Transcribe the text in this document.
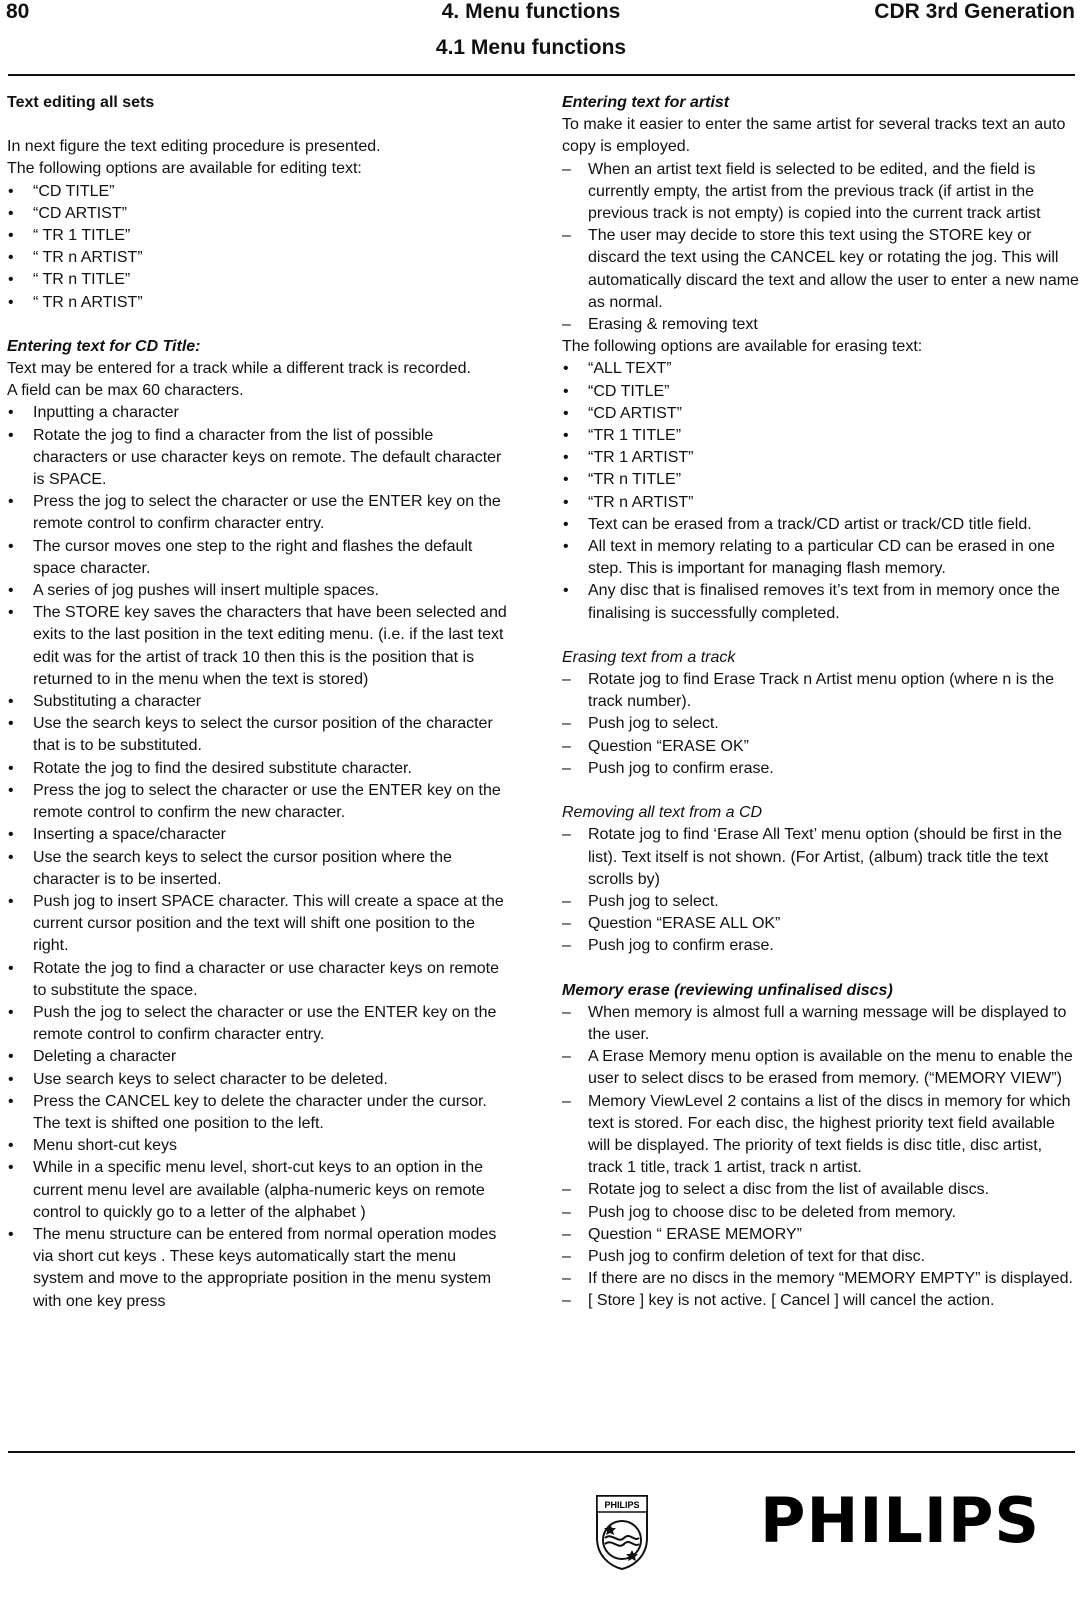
80	4. Menu functions	CDR 3rd Generation
4.1 Menu functions
Text editing all sets

In next figure the text editing procedure is presented.

The following options are available for editing text:

• “CD TITLE”
• “CD ARTIST”
• “ TR 1 TITLE”
• “ TR n ARTIST”
• “ TR n TITLE”
• “ TR n ARTIST”
Entering text for CD Title:

Text may be entered for a track while a different track is recorded.

A field can be max 60 characters.

• Inputting a character
• Rotate the jog to find a character from the list of possible characters or use character keys on remote. The default character is SPACE.
• Press the jog to select the character or use the ENTER key on the remote control to confirm character entry.
• The cursor moves one step to the right and flashes the default space character.
• A series of jog pushes will insert multiple spaces.
• The STORE key saves the characters that have been selected and exits to the last position in the text editing menu. (i.e. if the last text edit was for the artist of track 10 then this is the position that is returned to in the menu when the text is stored)
• Substituting a character
• Use the search keys to select the cursor position of the character that is to be substituted.
• Rotate the jog to find the desired substitute character.
• Press the jog to select the character or use the ENTER key on the remote control to confirm the new character.
• Inserting a space/character
• Use the search keys to select the cursor position where the character is to be inserted.
• Push jog to insert SPACE character. This will create a space at the current cursor position and the text will shift one position to the right.
• Rotate the jog to find a character or use character keys on remote to substitute the space.
• Push the jog to select the character or use the ENTER key on the remote control to confirm character entry.
• Deleting a character
• Use search keys to select character to be deleted.
• Press the CANCEL key to delete the character under the cursor. The text is shifted one position to the left.
• Menu short-cut keys
• While in a specific menu level, short-cut keys to an option in the current menu level are available (alpha-numeric keys on remote control to quickly go to a letter of the alphabet )
• The menu structure can be entered from normal operation modes via short cut keys . These keys automatically start the menu system and move to the appropriate position in the menu system with one key press
Entering text for artist

To make it easier to enter the same artist for several tracks text an auto copy is employed.

– When an artist text field is selected to be edited, and the field is currently empty, the artist from the previous track (if artist in the previous track is not empty) is copied into the current track artist
– The user may decide to store this text using the STORE key or discard the text using the CANCEL key or rotating the jog. This will automatically discard the text and allow the user to enter a new name as normal.
– Erasing & removing text

The following options are available for erasing text:

• “ALL TEXT”
• “CD TITLE”
• “CD ARTIST”
• “TR 1 TITLE”
• “TR 1 ARTIST”
• “TR n TITLE”
• “TR n ARTIST”
• Text can be erased from a track/CD artist or track/CD title field.
• All text in memory relating to a particular CD can be erased in one step. This is important for managing flash memory.
• Any disc that is finalised removes it’s text from in memory once the finalising is successfully completed.
Erasing text from a track
– Rotate jog to find Erase Track n Artist menu option (where n is the track number).
– Push jog to select.
– Question “ERASE OK”
– Push jog to confirm erase.
Removing all text from a CD
– Rotate jog to find ‘Erase All Text’ menu option (should be first in the list). Text itself is not shown. (For Artist, (album) track title the text scrolls by)
– Push jog to select.
– Question “ERASE ALL OK”
– Push jog to confirm erase.
Memory erase (reviewing unfinalised discs)
– When memory is almost full a warning message will be displayed to the user.
– A Erase Memory menu option is available on the menu to enable the user to select discs to be erased from memory. (“MEMORY VIEW”)
– Memory ViewLevel 2 contains a list of the discs in memory for which text is stored. For each disc, the highest priority text field available will be displayed. The priority of text fields is disc title, disc artist, track 1 title, track 1 artist, track n artist.
– Rotate jog to select a disc from the list of available discs.
– Push jog to choose disc to be deleted from memory.
– Question “ ERASE MEMORY”
– Push jog to confirm deletion of text for that disc.
– If there are no discs in the memory “MEMORY EMPTY” is displayed.
– [ Store ] key is not active. [ Cancel ] will cancel the action.
PHILIPS PHILIPS
